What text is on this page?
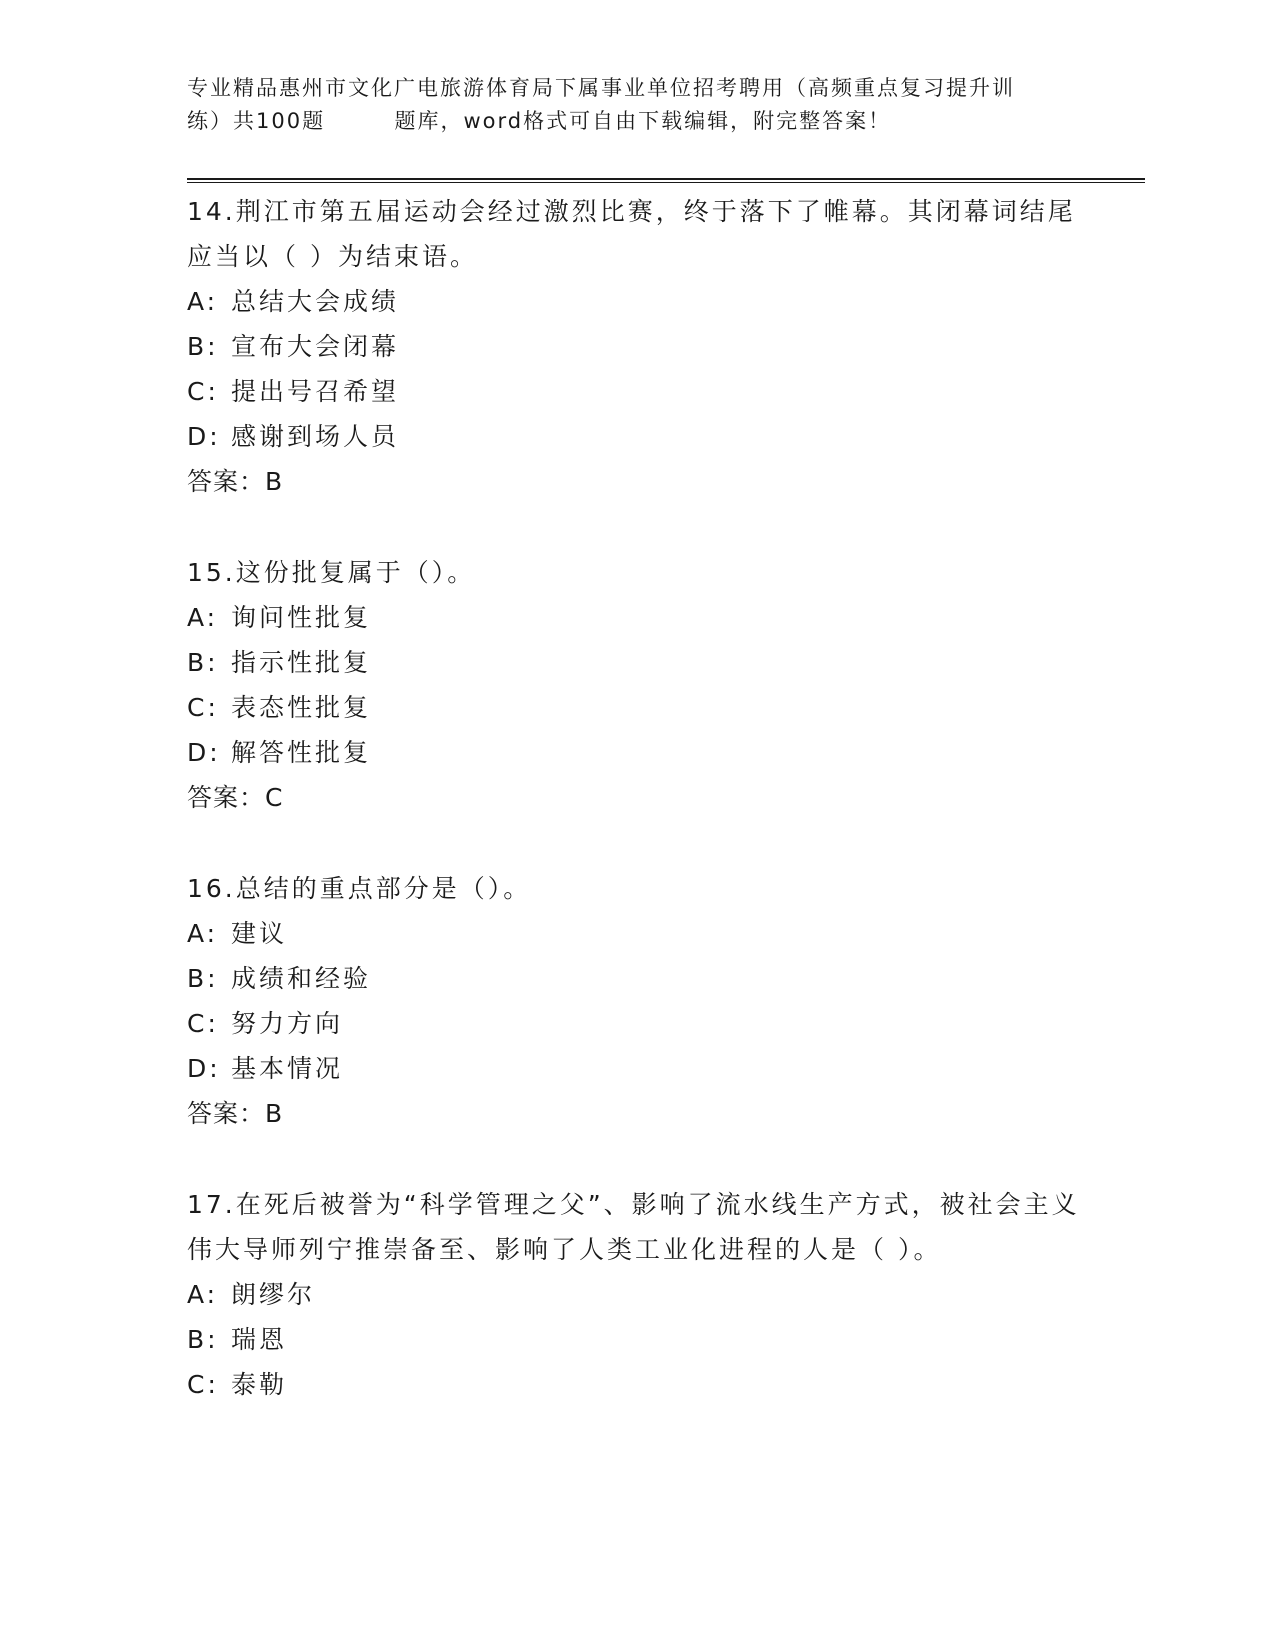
专业精品惠州市文化广电旅游体育局下属事业单位招考聘用（高频重点复习提升训
练）共100题        题库，word格式可自由下载编辑，附完整答案！

14.荆江市第五届运动会经过激烈比赛，终于落下了帷幕。其闭幕词结尾应当以（ ）为结束语。

A: 总结大会成绩

B: 宣布大会闭幕

C: 提出号召希望

D: 感谢到场人员

答案：B

15.这份批复属于（）。

A: 询问性批复

B: 指示性批复

C: 表态性批复

D: 解答性批复

答案：C

16.总结的重点部分是（）。

A: 建议

B: 成绩和经验

C: 努力方向

D: 基本情况

答案：B

17.在死后被誉为“科学管理之父”、影响了流水线生产方式，被社会主义伟大导师列宁推崇备至、影响了人类工业化进程的人是（ ）。

A: 朗缪尔

B: 瑞恩

C: 泰勒
